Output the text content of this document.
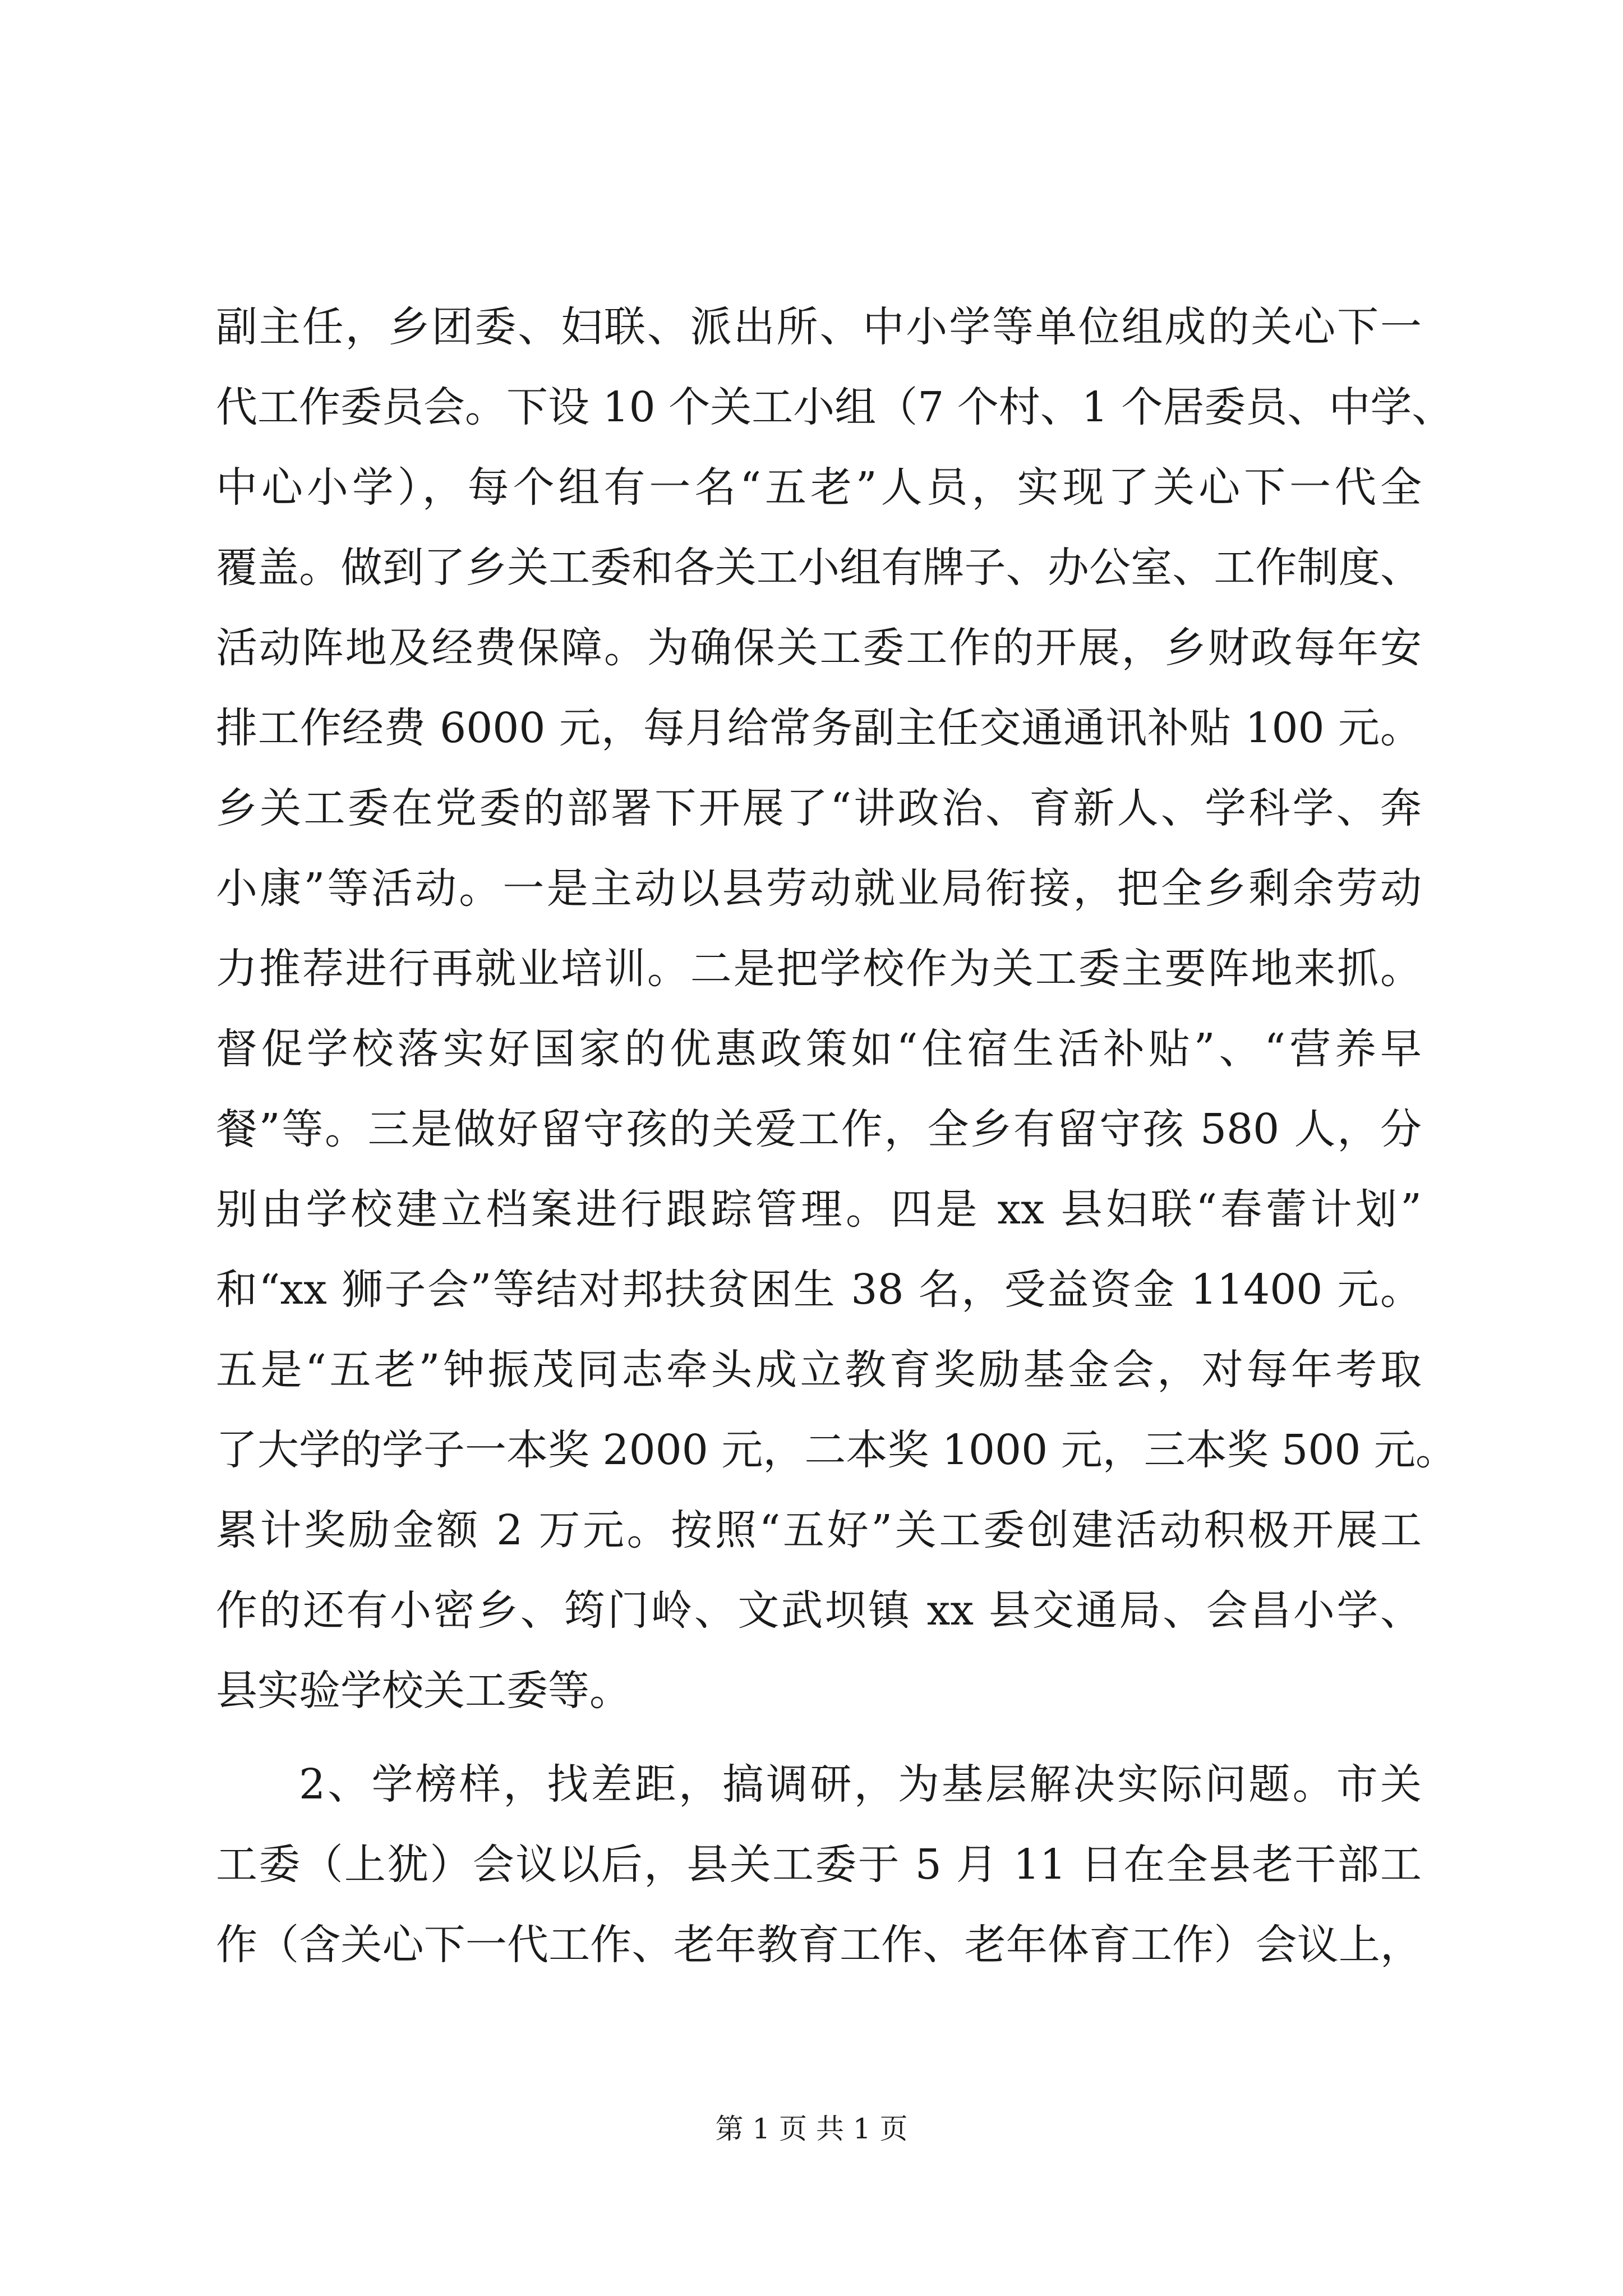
副主任，乡团委、妇联、派出所、中小学等单位组成的关心下一
代工作委员会。下设 10 个关工小组（7 个村、1 个居委员、中学、
中心小学），每个组有一名“五老”人员，实现了关心下一代全
覆盖。做到了乡关工委和各关工小组有牌子、办公室、工作制度、
活动阵地及经费保障。为确保关工委工作的开展，乡财政每年安
排工作经费 6000 元，每月给常务副主任交通通讯补贴 100 元。
乡关工委在党委的部署下开展了“讲政治、育新人、学科学、奔
小康”等活动。一是主动以县劳动就业局衔接，把全乡剩余劳动
力推荐进行再就业培训。二是把学校作为关工委主要阵地来抓。
督促学校落实好国家的优惠政策如“住宿生活补贴”、“营养早
餐”等。三是做好留守孩的关爱工作，全乡有留守孩 580 人，分
别由学校建立档案进行跟踪管理。四是 xx 县妇联“春蕾计划”
和“xx 狮子会”等结对邦扶贫困生 38 名，受益资金 11400 元。
五是“五老”钟振茂同志牵头成立教育奖励基金会，对每年考取
了大学的学子一本奖 2000 元，二本奖 1000 元，三本奖 500 元。
累计奖励金额 2 万元。按照“五好”关工委创建活动积极开展工
作的还有小密乡、筠门岭、文武坝镇 xx 县交通局、会昌小学、
县实验学校关工委等。
2、学榜样，找差距，搞调研，为基层解决实际问题。市关
工委（上犹）会议以后，县关工委于 5 月 11 日在全县老干部工
作（含关心下一代工作、老年教育工作、老年体育工作）会议上，
第 1 页 共 1 页
